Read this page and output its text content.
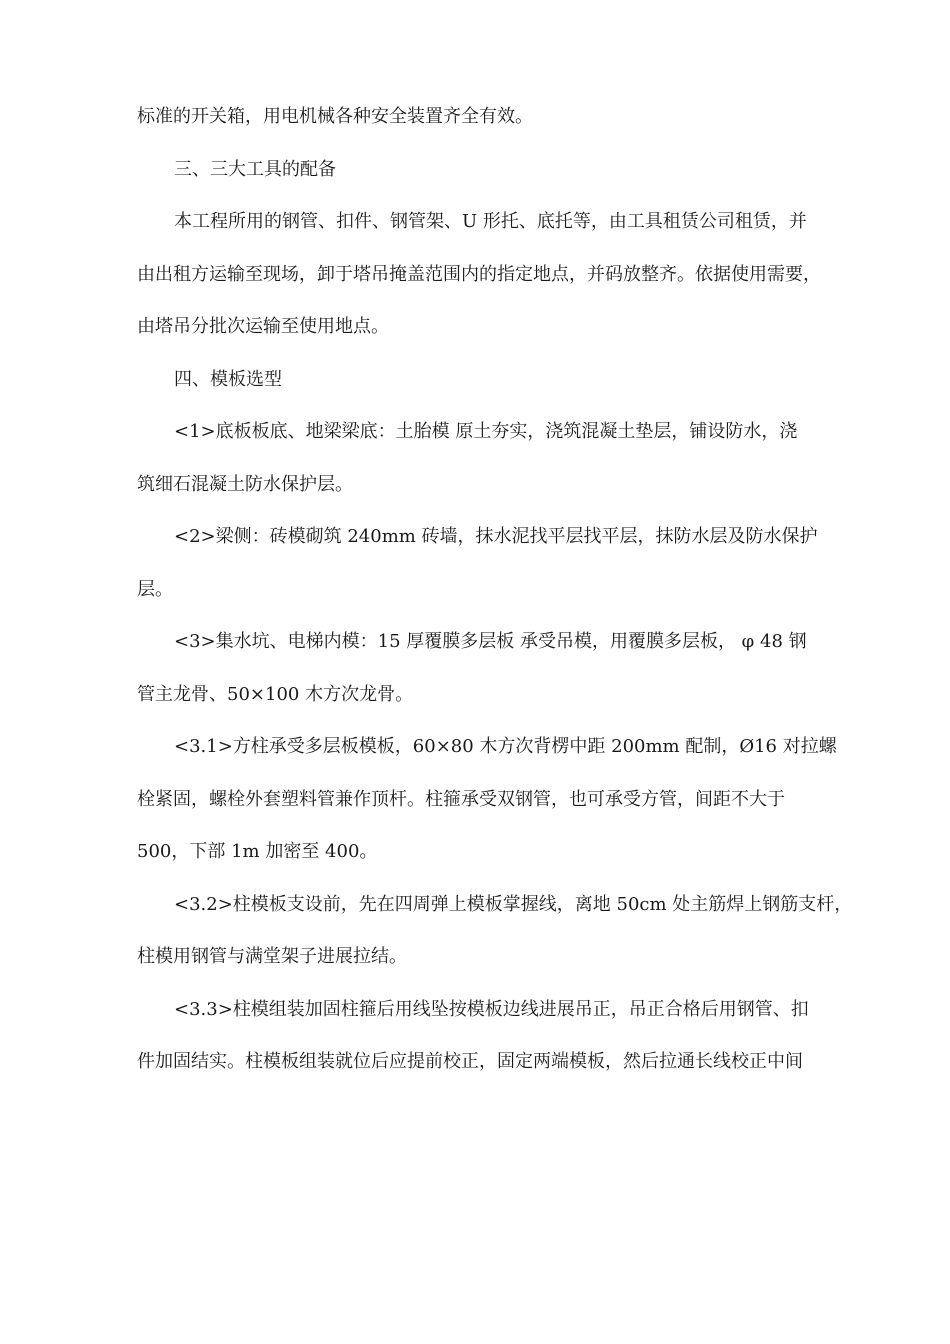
标准的开关箱，用电机械各种安全装置齐全有效。

三、三大工具的配备

本工程所用的钢管、扣件、钢管架、U 形托、底托等，由工具租赁公司租赁，并

由出租方运输至现场，卸于塔吊掩盖范围内的指定地点，并码放整齐。依据使用需要，

由塔吊分批次运输至使用地点。

四、模板选型

<1>底板板底、地梁梁底：土胎模 原土夯实，浇筑混凝土垫层，铺设防水，浇

筑细石混凝土防水保护层。

<2>梁侧：砖模砌筑 240mm 砖墙，抹水泥找平层找平层，抹防水层及防水保护

层。

<3>集水坑、电梯内模：15 厚覆膜多层板 承受吊模，用覆膜多层板， φ 48 钢

管主龙骨、50×100 木方次龙骨。

<3.1>方柱承受多层板模板，60×80 木方次背楞中距 200mm 配制，Ø16 对拉螺

栓紧固，螺栓外套塑料管兼作顶杆。柱箍承受双钢管，也可承受方管，间距不大于

500，下部 1m 加密至 400。

<3.2>柱模板支设前，先在四周弹上模板掌握线，离地 50cm 处主筋焊上钢筋支杆，

柱模用钢管与满堂架子进展拉结。

<3.3>柱模组装加固柱箍后用线坠按模板边线进展吊正，吊正合格后用钢管、扣

件加固结实。柱模板组装就位后应提前校正，固定两端模板，然后拉通长线校正中间
